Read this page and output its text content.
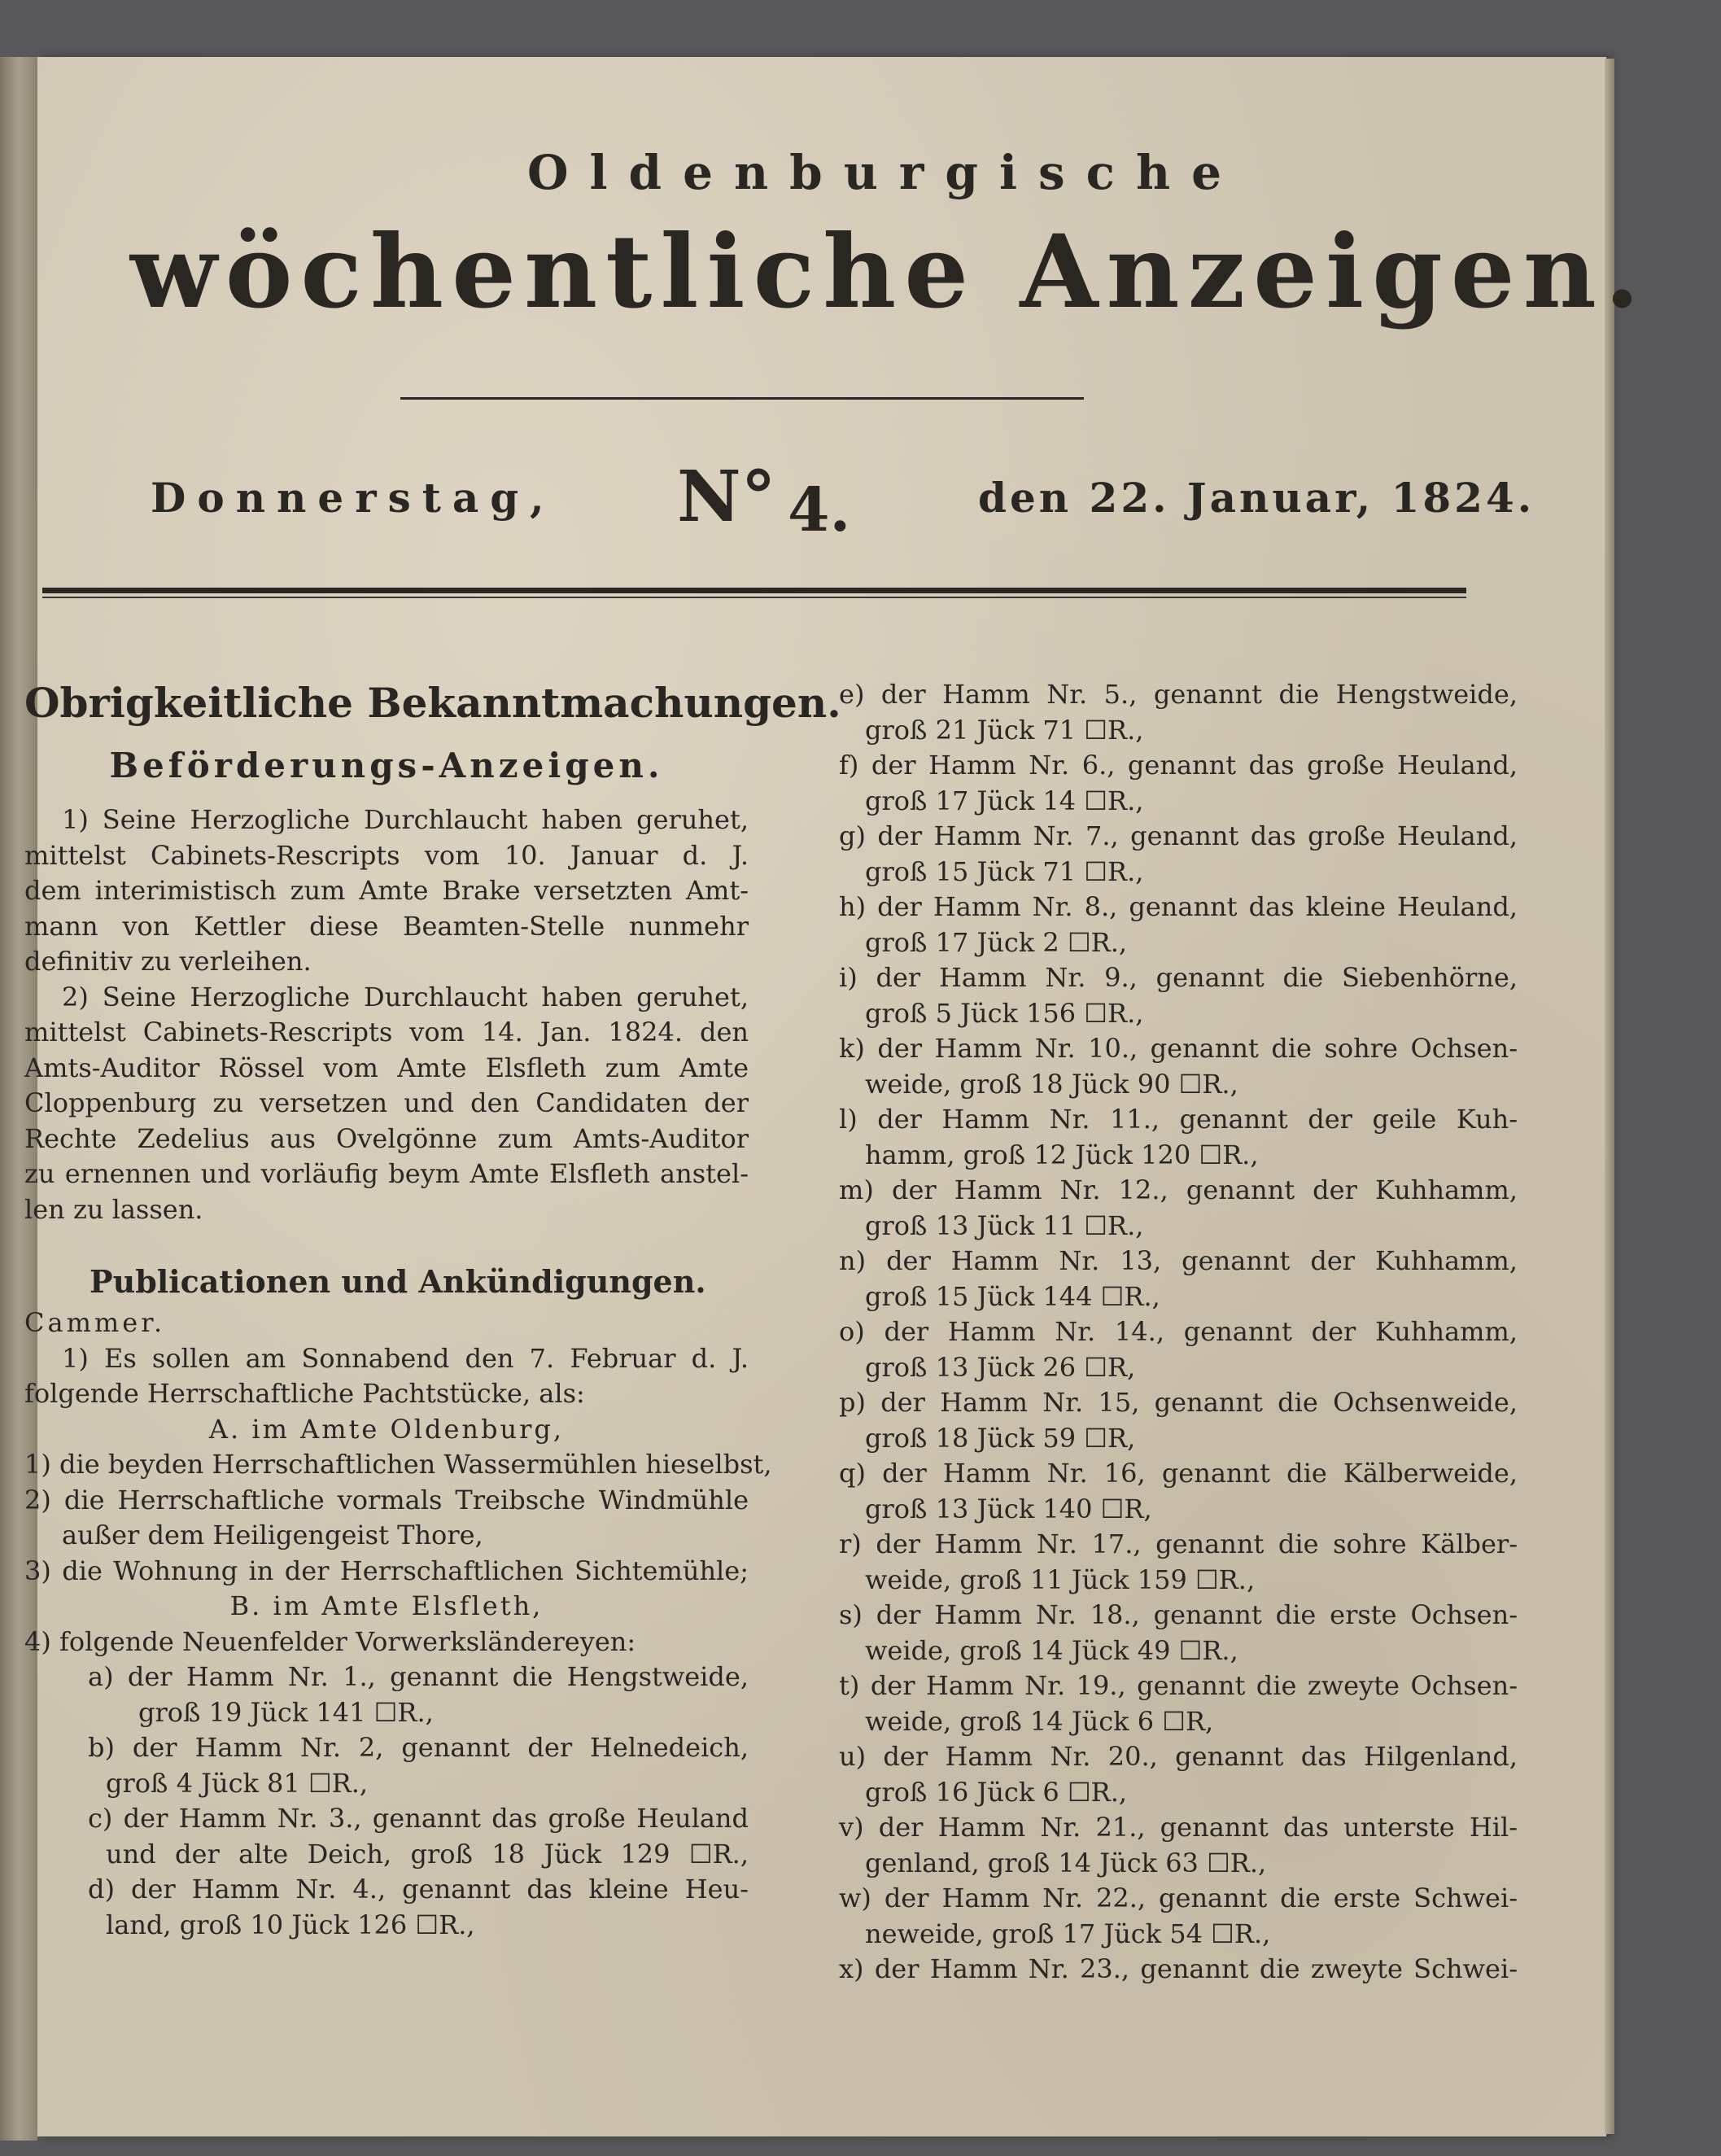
Oldenburgische
wöchentliche Anzeigen.
Donnerstag, N° 4.	den 22. Januar, 1824.
Obrigkeitliche Bekanntmachungen.
Beförderungs-Anzeigen.
1) Seine Herzogliche Durchlaucht haben geruhet,
mittelst Cabinets-Rescripts vom 10. Januar d. J.
dem interimistisch zum Amte Brake versetzten Amt-
mann von Kettler diese Beamten-Stelle nunmehr
definitiv zu verleihen.
2) Seine Herzogliche Durchlaucht haben geruhet,
mittelst Cabinets-Rescripts vom 14. Jan. 1824. den
Amts-Auditor Rössel vom Amte Elsfleth zum Amte
Cloppenburg zu versetzen und den Candidaten der
Rechte Zedelius aus Ovelgönne zum Amts-Auditor
zu ernennen und vorläufig beym Amte Elsfleth anstel-
len zu lassen.
Publicationen und Ankündigungen.
Cammer.
1) Es sollen am Sonnabend den 7. Februar d. J.
folgende Herrschaftliche Pachtstücke, als:
A. im Amte Oldenburg,
1) die beyden Herrschaftlichen Wassermühlen hieselbst,
2) die Herrschaftliche vormals Treibsche Windmühle
außer dem Heiligengeist Thore,
3) die Wohnung in der Herrschaftlichen Sichtemühle;
B. im Amte Elsfleth,
4) folgende Neuenfelder Vorwerksländereyen:
a) der Hamm Nr. 1., genannt die Hengstweide,
groß 19 Jück 141 ☐R.,
b) der Hamm Nr. 2, genannt der Helnedeich,
groß 4 Jück 81 ☐R.,
c) der Hamm Nr. 3., genannt das große Heuland
und der alte Deich, groß 18 Jück 129 ☐R.,
d) der Hamm Nr. 4., genannt das kleine Heu-
land, groß 10 Jück 126 ☐R.,
e) der Hamm Nr. 5., genannt die Hengstweide,
groß 21 Jück 71 ☐R.,
f) der Hamm Nr. 6., genannt das große Heuland,
groß 17 Jück 14 ☐R.,
g) der Hamm Nr. 7., genannt das große Heuland,
groß 15 Jück 71 ☐R.,
h) der Hamm Nr. 8., genannt das kleine Heuland,
groß 17 Jück 2 ☐R.,
i) der Hamm Nr. 9., genannt die Siebenhörne,
groß 5 Jück 156 ☐R.,
k) der Hamm Nr. 10., genannt die sohre Ochsen-
weide, groß 18 Jück 90 ☐R.,
l) der Hamm Nr. 11., genannt der geile Kuh-
hamm, groß 12 Jück 120 ☐R.,
m) der Hamm Nr. 12., genannt der Kuhhamm,
groß 13 Jück 11 ☐R.,
n) der Hamm Nr. 13, genannt der Kuhhamm,
groß 15 Jück 144 ☐R.,
o) der Hamm Nr. 14., genannt der Kuhhamm,
groß 13 Jück 26 ☐R,
p) der Hamm Nr. 15, genannt die Ochsenweide,
groß 18 Jück 59 ☐R,
q) der Hamm Nr. 16, genannt die Kälberweide,
groß 13 Jück 140 ☐R,
r) der Hamm Nr. 17., genannt die sohre Kälber-
weide, groß 11 Jück 159 ☐R.,
s) der Hamm Nr. 18., genannt die erste Ochsen-
weide, groß 14 Jück 49 ☐R.,
t) der Hamm Nr. 19., genannt die zweyte Ochsen-
weide, groß 14 Jück 6 ☐R,
u) der Hamm Nr. 20., genannt das Hilgenland,
groß 16 Jück 6 ☐R.,
v) der Hamm Nr. 21., genannt das unterste Hil-
genland, groß 14 Jück 63 ☐R.,
w) der Hamm Nr. 22., genannt die erste Schwei-
neweide, groß 17 Jück 54 ☐R.,
x) der Hamm Nr. 23., genannt die zweyte Schwei-
